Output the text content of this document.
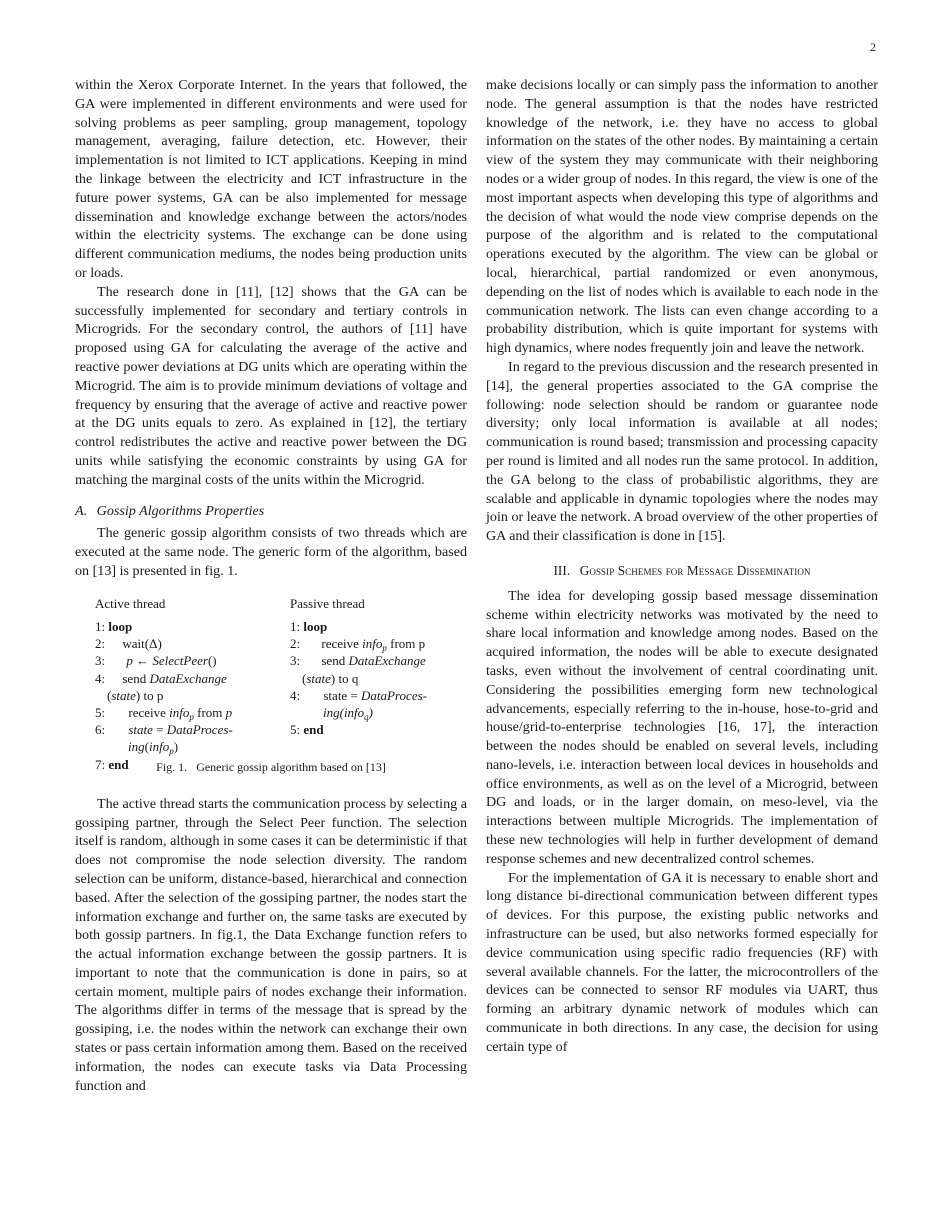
2

within the Xerox Corporate Internet. In the years that followed, the GA were implemented in different environments and were used for solving problems as peer sampling, group management, topology management, averaging, failure detection, etc. However, their implementation is not limited to ICT applications. Keeping in mind the linkage between the electricity and ICT infrastructure in the future power systems, GA can be also implemented for message dissemination and knowledge exchange between the actors/nodes within the electricity systems. The exchange can be done using different communication mediums, the nodes being production units or loads.

The research done in [11], [12] shows that the GA can be successfully implemented for secondary and tertiary controls in Microgrids. For the secondary control, the authors of [11] have proposed using GA for calculating the average of the active and reactive power deviations at DG units which are operating within the Microgrid. The aim is to provide minimum deviations of voltage and frequency by ensuring that the average of active and reactive power at the DG units equals to zero. As explained in [12], the tertiary control redistributes the active and reactive power between the DG units while satisfying the economic constraints by using GA for matching the marginal costs of the units within the Microgrid.

A. Gossip Algorithms Properties

The generic gossip algorithm consists of two threads which are executed at the same node. The generic form of the algorithm, based on [13] is presented in fig. 1.

Active thread
1: loop
2: wait(Δ)
3: p ← SelectPeer()
4: send DataExchange
(state) to p
5: receive info$_p$ from p
6: state = DataProces-
ing(info$_p$)
7: end
Passive thread
1: loop
2: receive info$_p$ from p
3: send DataExchange
(state) to q
4: state = DataProces-
ing(info$_q$)
5: end
Fig. 1. Generic gossip algorithm based on [13]

The active thread starts the communication process by selecting a gossiping partner, through the Select Peer function. The selection itself is random, although in some cases it can be deterministic if that does not compromise the node selection diversity. The random selection can be uniform, distance-based, hierarchical and connection based. After the selection of the gossiping partner, the nodes start the information exchange and further on, the same tasks are executed by both gossip partners. In fig.1, the Data Exchange function refers to the actual information exchange between the gossip partners. It is important to note that the communication is done in pairs, so at certain moment, multiple pairs of nodes exchange their information. The algorithms differ in terms of the message that is spread by the gossiping, i.e. the nodes within the network can exchange their own states or pass certain information among them. Based on the received information, the nodes can execute tasks via Data Processing function and

make decisions locally or can simply pass the information to another node. The general assumption is that the nodes have restricted knowledge of the network, i.e. they have no access to global information on the states of the other nodes. By maintaining a certain view of the system they may communicate with their neighboring nodes or a wider group of nodes. In this regard, the view is one of the most important aspects when developing this type of algorithms and the decision of what would the node view comprise depends on the purpose of the algorithm and is related to the computational operations executed by the algorithm. The view can be global or local, hierarchical, partial randomized or even anonymous, depending on the list of nodes which is available to each node in the communication network. The lists can even change according to a probability distribution, which is quite important for systems with high dynamics, where nodes frequently join and leave the network.

In regard to the previous discussion and the research presented in [14], the general properties associated to the GA comprise the following: node selection should be random or guarantee node diversity; only local information is available at all nodes; communication is round based; transmission and processing capacity per round is limited and all nodes run the same protocol. In addition, the GA belong to the class of probabilistic algorithms, they are scalable and applicable in dynamic topologies where the nodes may join or leave the network. A broad overview of the other properties of GA and their classification is done in [15].

III. Gossip Schemes for Message Dissemination

The idea for developing gossip based message dissemination scheme within electricity networks was motivated by the need to share local information and knowledge among nodes. Based on the acquired information, the nodes will be able to execute designated tasks, even without the involvement of central coordinating unit. Considering the possibilities emerging form new technological advancements, especially referring to the in-house, hose-to-grid and house/grid-to-enterprise technologies [16, 17], the interaction between the nodes should be enabled on several levels, including nano-levels, i.e. interaction between local devices in households and office environments, as well as on the level of a Microgrid, between DG and loads, or in the larger domain, on meso-level, via the interactions between multiple Microgrids. The implementation of these new technologies will help in further development of demand response schemes and new decentralized control schemes.

For the implementation of GA it is necessary to enable short and long distance bi-directional communication between different types of devices. For this purpose, the existing public networks and infrastructure can be used, but also networks formed especially for device communication using specific radio frequencies (RF) with several available channels. For the latter, the microcontrollers of the devices can be connected to sensor RF modules via UART, thus forming an arbitrary dynamic network of modules which can communicate in both directions. In any case, the decision for using certain type of
